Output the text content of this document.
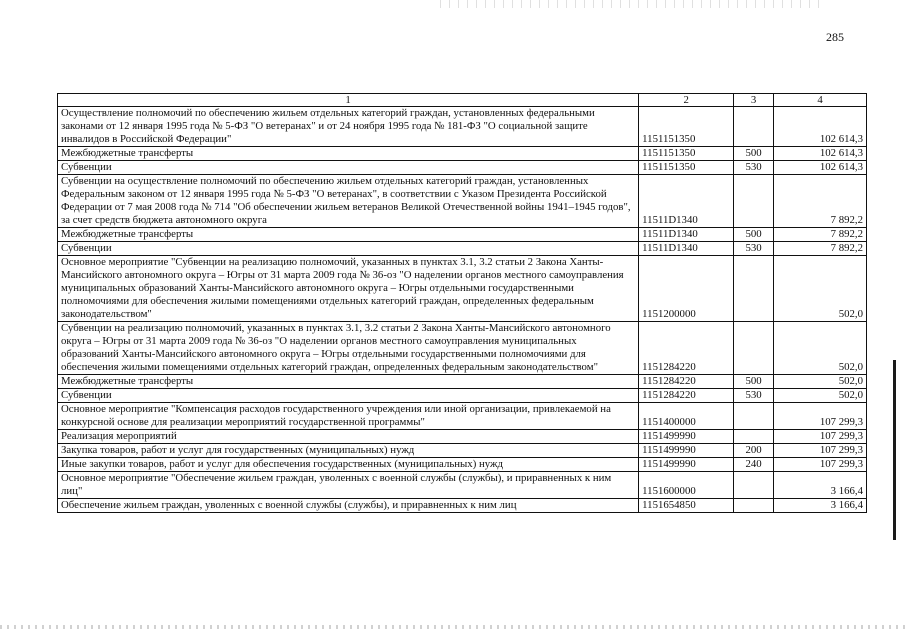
285
1	2	3	4
Осуществление полномочий по обеспечению жильем отдельных категорий граждан, установленных федеральными законами от 12 января 1995 года № 5-ФЗ "О ветеранах" и от 24 ноября 1995 года № 181-ФЗ "О социальной защите инвалидов в Российской Федерации"	1151151350		102 614,3
Межбюджетные трансферты	1151151350	500	102 614,3
Субвенции	1151151350	530	102 614,3
Субвенции на осуществление полномочий по обеспечению жильем отдельных категорий граждан, установленных Федеральным законом от 12 января 1995 года № 5-ФЗ "О ветеранах", в соответствии с Указом Президента Российской Федерации от 7 мая 2008 года № 714 "Об обеспечении жильем ветеранов Великой Отечественной войны 1941–1945 годов", за счет средств бюджета автономного округа	11511D1340		7 892,2
Межбюджетные трансферты	11511D1340	500	7 892,2
Субвенции	11511D1340	530	7 892,2
Основное мероприятие "Субвенции на реализацию полномочий, указанных в пунктах 3.1, 3.2 статьи 2 Закона Ханты-Мансийского автономного округа – Югры от 31 марта 2009 года № 36-оз "О наделении органов местного самоуправления муниципальных образований Ханты-Мансийского автономного округа – Югры отдельными государственными полномочиями для обеспечения жилыми помещениями отдельных категорий граждан, определенных федеральным законодательством"	1151200000		502,0
Субвенции на реализацию полномочий, указанных в пунктах 3.1, 3.2 статьи 2 Закона Ханты-Мансийского автономного округа – Югры от 31 марта 2009 года № 36-оз "О наделении органов местного самоуправления муниципальных образований Ханты-Мансийского автономного округа – Югры отдельными государственными полномочиями для обеспечения жилыми помещениями отдельных категорий граждан, определенных федеральным законодательством"	1151284220		502,0
Межбюджетные трансферты	1151284220	500	502,0
Субвенции	1151284220	530	502,0
Основное мероприятие "Компенсация расходов государственного учреждения или иной организации, привлекаемой на конкурсной основе для реализации мероприятий государственной программы"	1151400000		107 299,3
Реализация мероприятий	1151499990		107 299,3
Закупка товаров, работ и услуг для государственных (муниципальных) нужд	1151499990	200	107 299,3
Иные закупки товаров, работ и услуг для обеспечения государственных (муниципальных) нужд	1151499990	240	107 299,3
Основное мероприятие "Обеспечение жильем граждан, уволенных с военной службы (службы), и приравненных к ним лиц"	1151600000		3 166,4
Обеспечение жильем граждан, уволенных с военной службы (службы), и приравненных к ним лиц	1151654850		3 166,4
